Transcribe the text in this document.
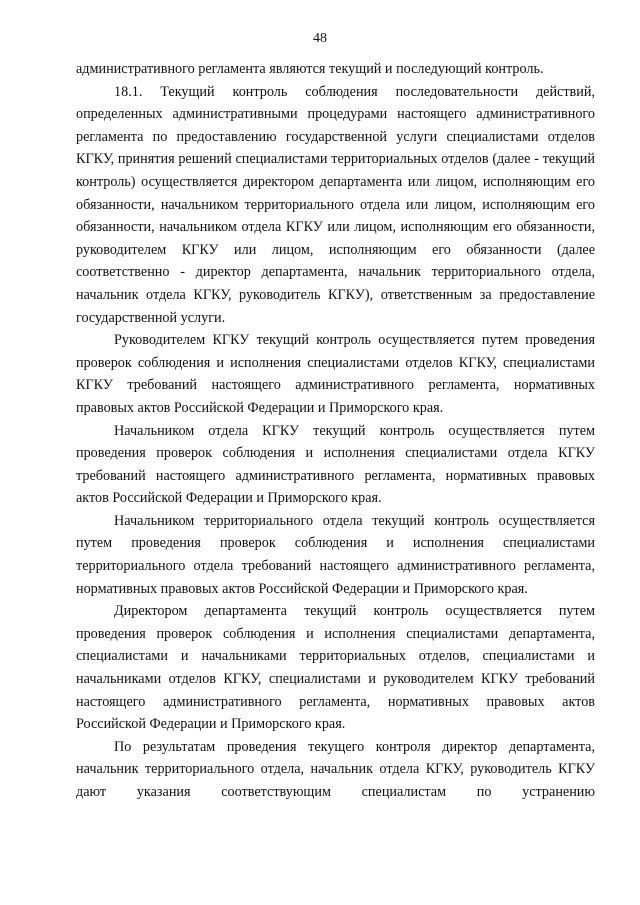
48

административного регламента являются текущий и последующий контроль.

18.1. Текущий контроль соблюдения последовательности действий, определенных административными процедурами настоящего административного регламента по предоставлению государственной услуги специалистами отделов КГКУ, принятия решений специалистами территориальных отделов (далее - текущий контроль) осуществляется директором департамента или лицом, исполняющим его обязанности, начальником территориального отдела или лицом, исполняющим его обязанности, начальником отдела КГКУ или лицом, исполняющим его обязанности, руководителем КГКУ или лицом, исполняющим его обязанности (далее соответственно - директор департамента, начальник территориального отдела, начальник отдела КГКУ, руководитель КГКУ), ответственным за предоставление государственной услуги.

Руководителем КГКУ текущий контроль осуществляется путем проведения проверок соблюдения и исполнения специалистами отделов КГКУ, специалистами КГКУ требований настоящего административного регламента, нормативных правовых актов Российской Федерации и Приморского края.

Начальником отдела КГКУ текущий контроль осуществляется путем проведения проверок соблюдения и исполнения специалистами отдела КГКУ требований настоящего административного регламента, нормативных правовых актов Российской Федерации и Приморского края.

Начальником территориального отдела текущий контроль осуществляется путем проведения проверок соблюдения и исполнения специалистами территориального отдела требований настоящего административного регламента, нормативных правовых актов Российской Федерации и Приморского края.

Директором департамента текущий контроль осуществляется путем проведения проверок соблюдения и исполнения специалистами департамента, специалистами и начальниками территориальных отделов, специалистами и начальниками отделов КГКУ, специалистами и руководителем КГКУ требований настоящего административного регламента, нормативных правовых актов Российской Федерации и Приморского края.

По результатам проведения текущего контроля директор департамента, начальник территориального отдела, начальник отдела КГКУ, руководитель КГКУ дают указания соответствующим специалистам по устранению
